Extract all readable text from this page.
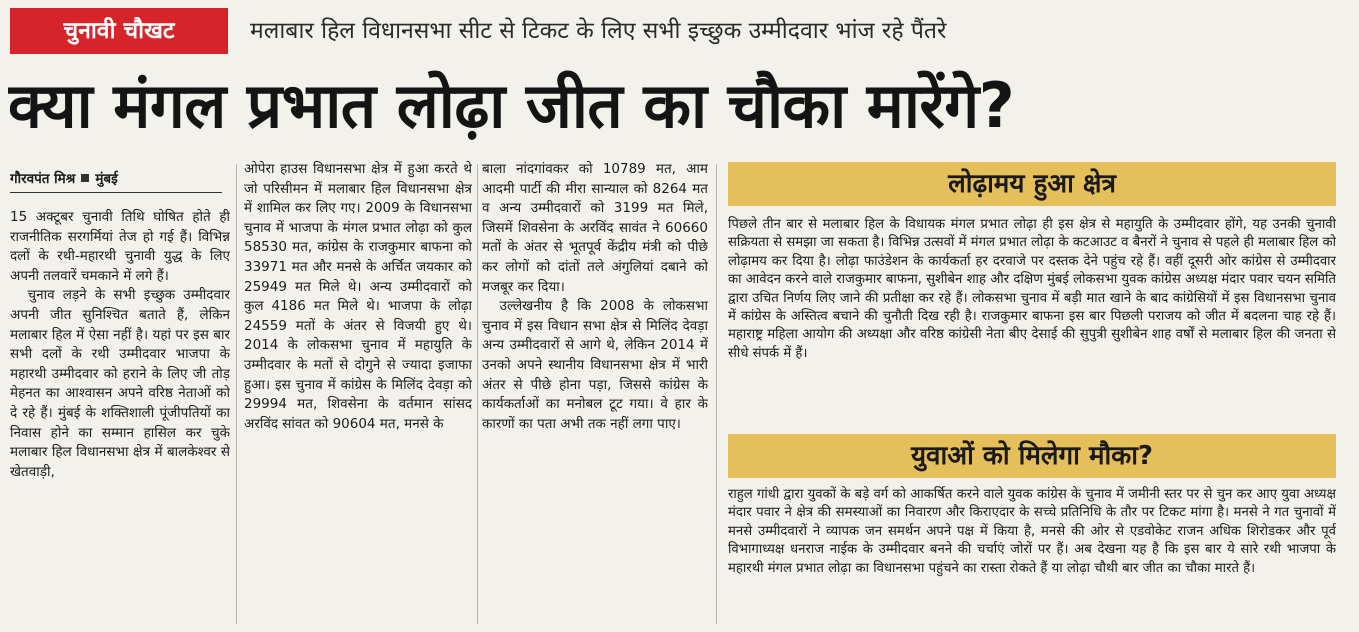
चुनावी चौखट	मलाबार हिल विधानसभा सीट से टिकट के लिए सभी इच्छुक उम्मीदवार भांज रहे पैंतरे
क्या मंगल प्रभात लोढ़ा जीत का चौका मारेंगे?
गौरवपंत मिश्र मुंबई

15 अक्टूबर चुनावी तिथि घोषित होते ही राजनीतिक सरगर्मियां तेज हो गई हैं। विभिन्न दलों के रथी-महारथी चुनावी युद्ध के लिए अपनी तलवारें चमकाने में लगे हैं।

चुनाव लड़ने के सभी इच्छुक उम्मीदवार अपनी जीत सुनिश्चित बताते हैं, लेकिन मलाबार हिल में ऐसा नहीं है। यहां पर इस बार सभी दलों के रथी उम्मीदवार भाजपा के महारथी उम्मीदवार को हराने के लिए जी तोड़ मेहनत का आश्वासन अपने वरिष्ठ नेताओं को दे रहे हैं। मुंबई के शक्तिशाली पूंजीपतियों का निवास होने का सम्मान हासिल कर चुके मलाबार हिल विधानसभा क्षेत्र में बालकेश्वर से खेतवाड़ी,

ओपेरा हाउस विधानसभा क्षेत्र में हुआ करते थे जो परिसीमन में मलाबार हिल विधानसभा क्षेत्र में शामिल कर लिए गए। 2009 के विधानसभा चुनाव में भाजपा के मंगल प्रभात लोढ़ा को कुल 58530 मत, कांग्रेस के राजकुमार बाफना को 33971 मत और मनसे के अर्चित जयकार को 25949 मत मिले थे। अन्य उम्मीदवारों को कुल 4186 मत मिले थे। भाजपा के लोढ़ा 24559 मतों के अंतर से विजयी हुए थे। 2014 के लोकसभा चुनाव में महायुति के उम्मीदवार के मतों से दोगुने से ज्यादा इजाफा हुआ। इस चुनाव में कांग्रेस के मिलिंद देवड़ा को 29994 मत, शिवसेना के वर्तमान सांसद अरविंद सांवत को 90604 मत, मनसे के

बाला नांदगांवकर को 10789 मत, आम आदमी पार्टी की मीरा सान्याल को 8264 मत व अन्य उम्मीदवारों को 3199 मत मिले, जिसमें शिवसेना के अरविंद सावंत ने 60660 मतों के अंतर से भूतपूर्व केंद्रीय मंत्री को पीछे कर लोगों को दांतों तले अंगुलियां दबाने को मजबूर कर दिया।

उल्लेखनीय है कि 2008 के लोकसभा चुनाव में इस विधान सभा क्षेत्र से मिलिंद देवड़ा अन्य उम्मीदवारों से आगे थे, लेकिन 2014 में उनको अपने स्थानीय विधानसभा क्षेत्र में भारी अंतर से पीछे होना पड़ा, जिससे कांग्रेस के कार्यकर्ताओं का मनोबल टूट गया। वे हार के कारणों का पता अभी तक नहीं लगा पाए।

लोढ़ामय हुआ क्षेत्र
पिछले तीन बार से मलाबार हिल के विधायक मंगल प्रभात लोढ़ा ही इस क्षेत्र से महायुति के उम्मीदवार होंगे, यह उनकी चुनावी सक्रियता से समझा जा सकता है। विभिन्न उत्सवों में मंगल प्रभात लोढ़ा के कटआउट व बैनरों ने चुनाव से पहले ही मलाबार हिल को लोढ़ामय कर दिया है। लोढ़ा फाउंडेशन के कार्यकर्ता हर दरवाजे पर दस्तक देने पहुंच रहे हैं। वहीं दूसरी ओर कांग्रेस से उम्मीदवार का आवेदन करने वाले राजकुमार बाफना, सुशीबेन शाह और दक्षिण मुंबई लोकसभा युवक कांग्रेस अध्यक्ष मंदार पवार चयन समिति द्वारा उचित निर्णय लिए जाने की प्रतीक्षा कर रहे हैं। लोकसभा चुनाव में बड़ी मात खाने के बाद कांग्रेसियों में इस विधानसभा चुनाव में कांग्रेस के अस्तित्व बचाने की चुनौती दिख रही है। राजकुमार बाफना इस बार पिछली पराजय को जीत में बदलना चाह रहे हैं। महाराष्ट्र महिला आयोग की अध्यक्षा और वरिष्ठ कांग्रेसी नेता बीए देसाई की सुपुत्री सुशीबेन शाह वर्षों से मलाबार हिल की जनता से सीधे संपर्क में हैं।
युवाओं को मिलेगा मौका?
राहुल गांधी द्वारा युवकों के बड़े वर्ग को आकर्षित करने वाले युवक कांग्रेस के चुनाव में जमीनी स्तर पर से चुन कर आए युवा अध्यक्ष मंदार पवार ने क्षेत्र की समस्याओं का निवारण और किराएदार के सच्चे प्रतिनिधि के तौर पर टिकट मांगा है। मनसे ने गत चुनावों में मनसे उम्मीदवारों ने व्यापक जन समर्थन अपने पक्ष में किया है, मनसे की ओर से एडवोकेट राजन अधिक शिरोडकर और पूर्व विभागाध्यक्ष धनराज नाईक के उम्मीदवार बनने की चर्चाएं जोरों पर हैं। अब देखना यह है कि इस बार ये सारे रथी भाजपा के महारथी मंगल प्रभात लोढ़ा का विधानसभा पहुंचने का रास्ता रोकते हैं या लोढ़ा चौथी बार जीत का चौका मारते हैं।
